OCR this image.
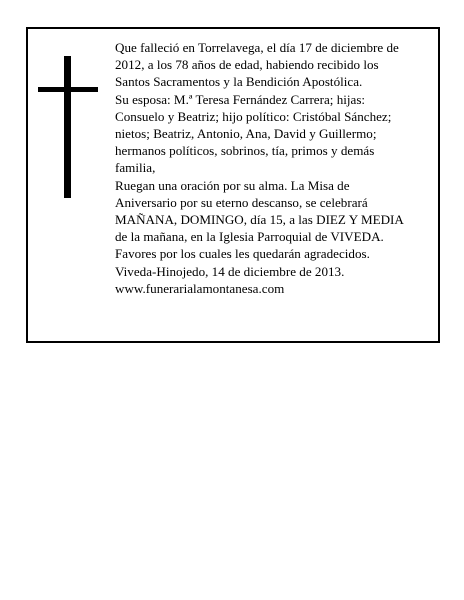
Que falleció en Torrelavega, el día 17 de diciembre de
2012, a los 78 años de edad, habiendo recibido los
Santos Sacramentos y la Bendición Apostólica.
Su esposa: M.ª Teresa Fernández Carrera; hijas:
Consuelo y Beatriz; hijo político: Cristóbal Sánchez;
nietos; Beatriz, Antonio, Ana, David y Guillermo;
hermanos políticos, sobrinos, tía, primos y demás
familia,
Ruegan una oración por su alma. La Misa de
Aniversario por su eterno descanso, se celebrará
MAÑANA, DOMINGO, día 15, a las DIEZ Y MEDIA
de la mañana, en la Iglesia Parroquial de VIVEDA.
Favores por los cuales les quedarán agradecidos.
Viveda-Hinojedo, 14 de diciembre de 2013.
www.funerarialamontanesa.com
